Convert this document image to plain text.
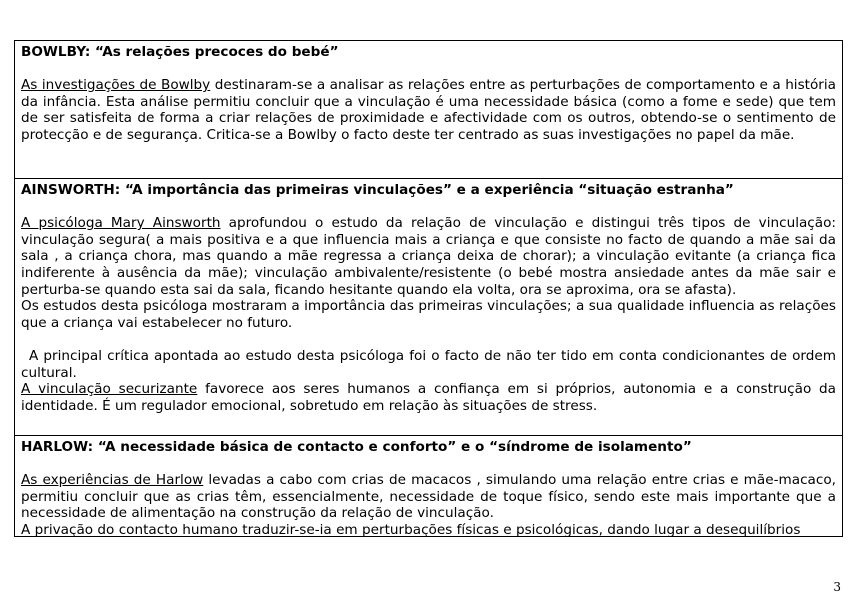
BOWLBY: “As relações precoces do bebé”

As investigações de Bowlby destinaram-se a analisar as relações entre as perturbações de comportamento e a história da infância. Esta análise permitiu concluir que a vinculação é uma necessidade básica (como a fome e sede) que tem de ser satisfeita de forma a criar relações de proximidade e afectividade com os outros, obtendo-se o sentimento de protecção e de segurança. Critica-se a Bowlby o facto deste ter centrado as suas investigações no papel da mãe.

AINSWORTH: “A importância das primeiras vinculações” e a experiência “situação estranha”

A psicóloga Mary Ainsworth aprofundou o estudo da relação de vinculação e distingui três tipos de vinculação: vinculação segura( a mais positiva e a que influencia mais a criança e que consiste no facto de quando a mãe sai da sala , a criança chora, mas quando a mãe regressa a criança deixa de chorar); a vinculação evitante (a criança fica indiferente à ausência da mãe); vinculação ambivalente/resistente (o bebé mostra ansiedade antes da mãe sair e perturba-se quando esta sai da sala, ficando hesitante quando ela volta, ora se aproxima, ora se afasta).

Os estudos desta psicóloga mostraram a importância das primeiras vinculações; a sua qualidade influencia as relações que a criança vai estabelecer no futuro.

A principal crítica apontada ao estudo desta psicóloga foi o facto de não ter tido em conta condicionantes de ordem cultural.

A vinculação securizante favorece aos seres humanos a confiança em si próprios, autonomia e a construção da identidade. É um regulador emocional, sobretudo em relação às situações de stress.

HARLOW: “A necessidade básica de contacto e conforto” e o “síndrome de isolamento”

As experiências de Harlow levadas a cabo com crias de macacos , simulando uma relação entre crias e mãe-macaco, permitiu concluir que as crias têm, essencialmente, necessidade de toque físico, sendo este mais importante que a necessidade de alimentação na construção da relação de vinculação.

A privação do contacto humano traduzir-se-ia em perturbações físicas e psicológicas, dando lugar a desequilíbrios

3
